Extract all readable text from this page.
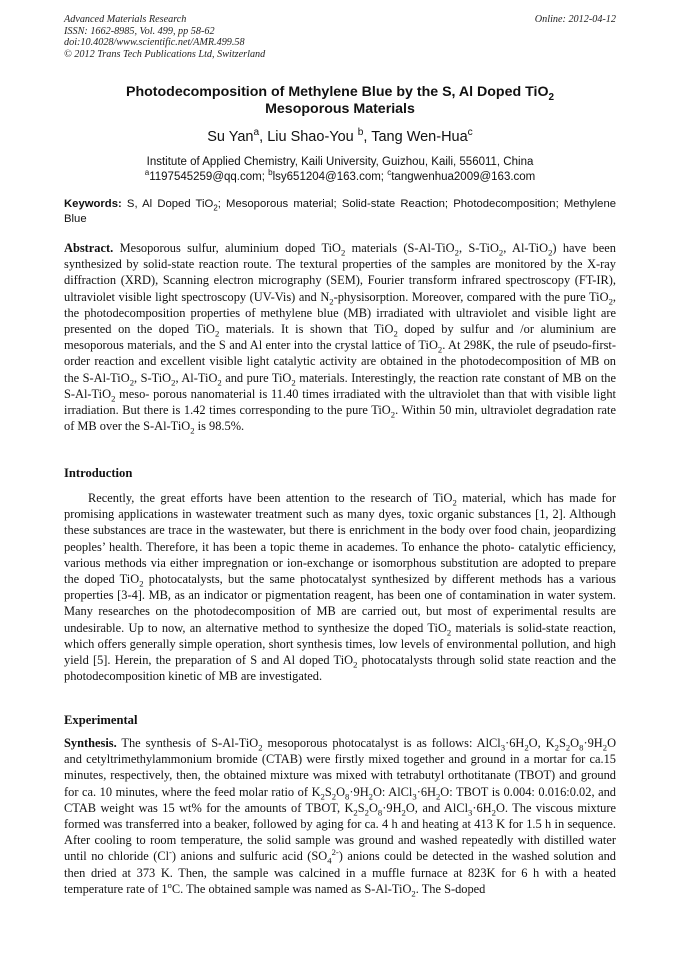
Advanced Materials Research
ISSN: 1662-8985, Vol. 499, pp 58-62
doi:10.4028/www.scientific.net/AMR.499.58
© 2012 Trans Tech Publications Ltd, Switzerland
Online: 2012-04-12
Photodecomposition of Methylene Blue by the S, Al Doped TiO$_2$
Mesoporous Materials
Su Yan$^a$, Liu Shao-You $^b$, Tang Wen-Hua$^c$
Institute of Applied Chemistry, Kaili University, Guizhou, Kaili, 556011, China
$^a$1197545259@qq.com; $^b$lsy651204@163.com; $^c$tangwenhua2009@163.com
Keywords: S, Al Doped TiO$_2$; Mesoporous material; Solid-state Reaction; Photodecomposition; Methylene Blue
Abstract. Mesoporous sulfur, aluminium doped TiO$_2$ materials (S-Al-TiO$_2$, S-TiO$_2$, Al-TiO$_2$) have been synthesized by solid-state reaction route. The textural properties of the samples are monitored by the X-ray diffraction (XRD), Scanning electron micrography (SEM), Fourier transform infrared spectroscopy (FT-IR), ultraviolet visible light spectroscopy (UV-Vis) and $N_2$-physisorption. Moreover, compared with the pure TiO$_2$, the photodecomposition properties of methylene blue (MB) irradiated with ultraviolet and visible light are presented on the doped TiO$_2$ materials. It is shown that TiO$_2$ doped by sulfur and /or aluminium are mesoporous materials, and the S and Al enter into the crystal lattice of TiO$_2$. At 298K, the rule of pseudo-first-order reaction and excellent visible light catalytic activity are obtained in the photodecomposition of MB on the S-Al-TiO$_2$, S-TiO$_2$, Al-TiO$_2$ and pure TiO$_2$ materials. Interestingly, the reaction rate constant of MB on the S-Al-TiO$_2$ meso- porous nanomaterial is 11.40 times irradiated with the ultraviolet than that with visible light irradiation. But there is 1.42 times corresponding to the pure TiO$_2$. Within 50 min, ultraviolet degradation rate of MB over the S-Al-TiO$_2$ is 98.5%.
Introduction
Recently, the great efforts have been attention to the research of TiO$_2$ material, which has made for promising applications in wastewater treatment such as many dyes, toxic organic substances [1, 2]. Although these substances are trace in the wastewater, but there is enrichment in the body over food chain, jeopardizing peoples’ health. Therefore, it has been a topic theme in academes. To enhance the photo- catalytic efficiency, various methods via either impregnation or ion-exchange or isomorphous substitution are adopted to prepare the doped TiO$_2$ photocatalysts, but the same photocatalyst synthesized by different methods has a various properties [3-4]. MB, as an indicator or pigmentation reagent, has been one of contamination in water system. Many researches on the photodecomposition of MB are carried out, but most of experimental results are undesirable. Up to now, an alternative method to synthesize the doped TiO$_2$ materials is solid-state reaction, which offers generally simple operation, short synthesis times, low levels of environmental pollution, and high yield [5]. Herein, the preparation of S and Al doped TiO$_2$ photocatalysts through solid state reaction and the photodecomposition kinetic of MB are investigated.
Experimental
Synthesis. The synthesis of S-Al-TiO$_2$ mesoporous photocatalyst is as follows: $AlCl_3\cdot 6H_2O$, $K_2S_2O_8\cdot 9H_2O$ and cetyltrimethylammonium bromide (CTAB) were firstly mixed together and ground in a mortar for ca.15 minutes, respectively, then, the obtained mixture was mixed with tetrabutyl orthotitanate (TBOT) and ground for ca. 10 minutes, where the feed molar ratio of $K_2S_2O_8\cdot 9H_2O$: $AlCl_3\cdot 6H_2O$: TBOT is 0.004: 0.016:0.02, and CTAB weight was 15 wt% for the amounts of TBOT, $K_2S_2O_8\cdot 9H_2O$, and $AlCl_3\cdot 6H_2O$. The viscous mixture formed was transferred into a beaker, followed by aging for ca. 4 h and heating at 413 K for 1.5 h in sequence. After cooling to room temperature, the solid sample was ground and washed repeatedly with distilled water until no chloride (Cl-) anions and sulfuric acid $(SO_4^{2-})$ anions could be detected in the washed solution and then dried at 373 K. Then, the sample was calcined in a muffle furnace at 823K for 6 h with a heated temperature rate of 1$^o$C. The obtained sample was named as S-Al-TiO$_2$. The S-doped
